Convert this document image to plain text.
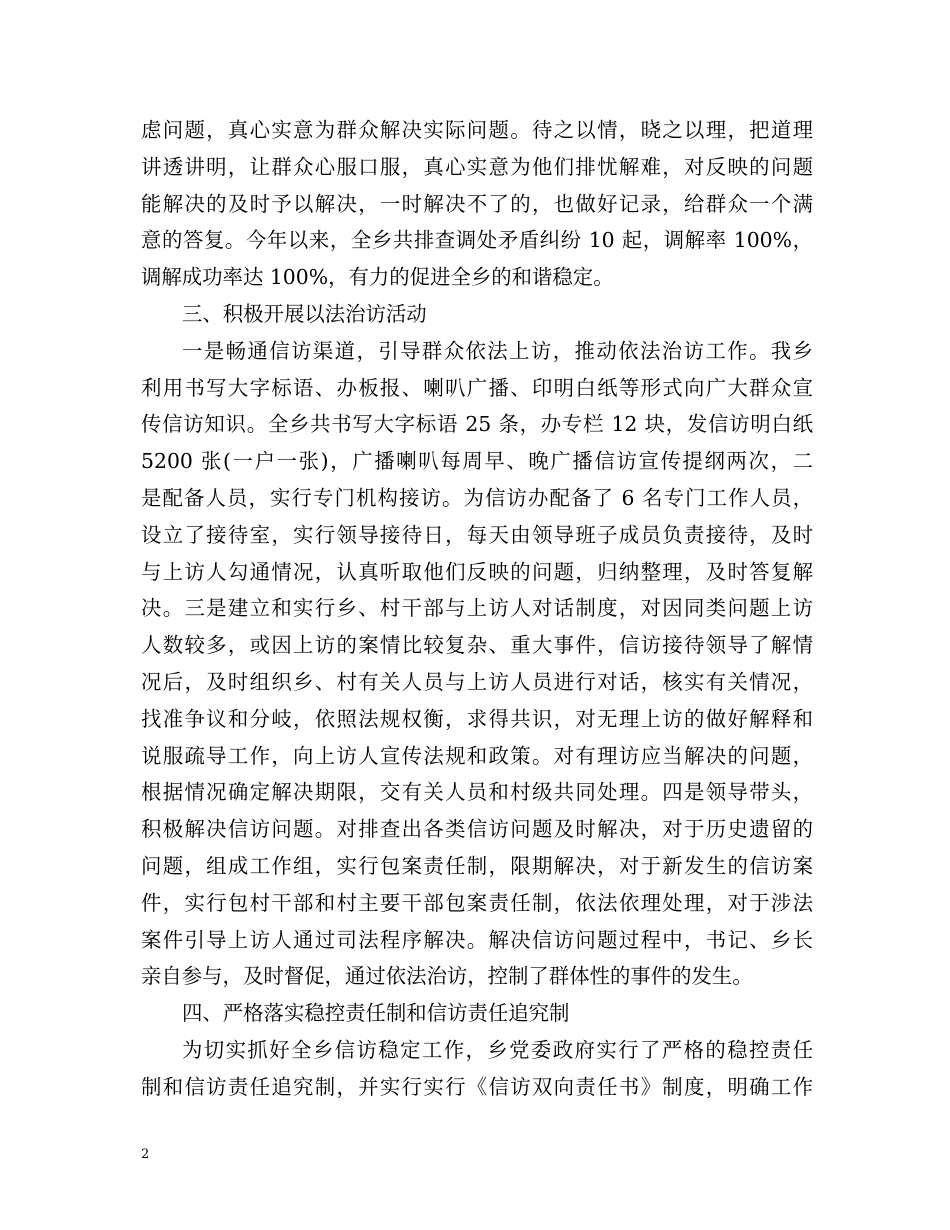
虑问题，真心实意为群众解决实际问题。待之以情，晓之以理，把道理
讲透讲明，让群众心服口服，真心实意为他们排忧解难，对反映的问题
能解决的及时予以解决，一时解决不了的，也做好记录，给群众一个满
意的答复。今年以来，全乡共排查调处矛盾纠纷 10 起，调解率 100%，
调解成功率达 100%，有力的促进全乡的和谐稳定。
三、积极开展以法治访活动
一是畅通信访渠道，引导群众依法上访，推动依法治访工作。我乡
利用书写大字标语、办板报、喇叭广播、印明白纸等形式向广大群众宣
传信访知识。全乡共书写大字标语 25 条，办专栏 12 块，发信访明白纸
5200 张(一户一张)，广播喇叭每周早、晚广播信访宣传提纲两次，二
是配备人员，实行专门机构接访。为信访办配备了 6 名专门工作人员，
设立了接待室，实行领导接待日，每天由领导班子成员负责接待，及时
与上访人勾通情况，认真听取他们反映的问题，归纳整理，及时答复解
决。三是建立和实行乡、村干部与上访人对话制度，对因同类问题上访
人数较多，或因上访的案情比较复杂、重大事件，信访接待领导了解情
况后，及时组织乡、村有关人员与上访人员进行对话，核实有关情况，
找准争议和分岐，依照法规权衡，求得共识，对无理上访的做好解释和
说服疏导工作，向上访人宣传法规和政策。对有理访应当解决的问题，
根据情况确定解决期限，交有关人员和村级共同处理。四是领导带头，
积极解决信访问题。对排查出各类信访问题及时解决，对于历史遗留的
问题，组成工作组，实行包案责任制，限期解决，对于新发生的信访案
件，实行包村干部和村主要干部包案责任制，依法依理处理，对于涉法
案件引导上访人通过司法程序解决。解决信访问题过程中，书记、乡长
亲自参与，及时督促，通过依法治访，控制了群体性的事件的发生。
四、严格落实稳控责任制和信访责任追究制
为切实抓好全乡信访稳定工作，乡党委政府实行了严格的稳控责任
制和信访责任追究制，并实行实行《信访双向责任书》制度，明确工作
2
